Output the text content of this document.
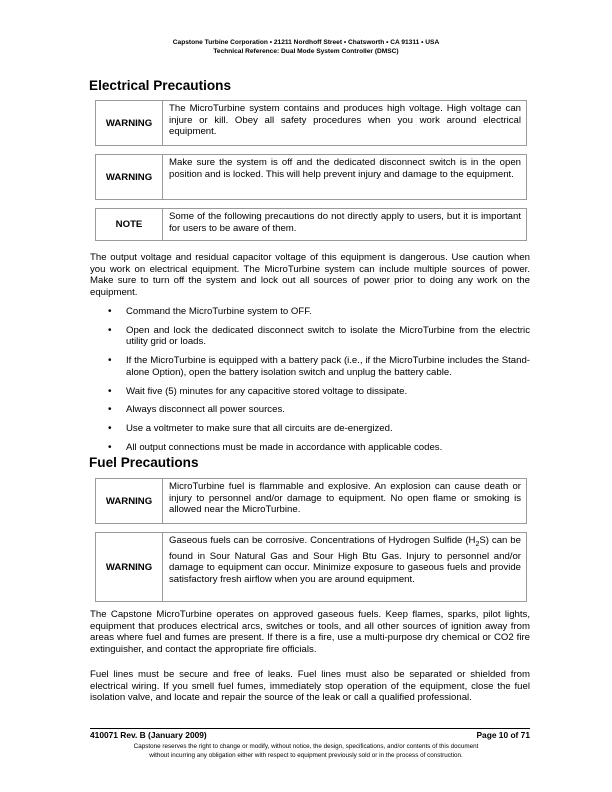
Capstone Turbine Corporation • 21211 Nordhoff Street • Chatsworth • CA 91311 • USA
Technical Reference: Dual Mode System Controller (DMSC)
Electrical Precautions
WARNING
The MicroTurbine system contains and produces high voltage. High voltage can injure or kill. Obey all safety procedures when you work around electrical equipment.
WARNING
Make sure the system is off and the dedicated disconnect switch is in the open position and is locked. This will help prevent injury and damage to the equipment.
NOTE
Some of the following precautions do not directly apply to users, but it is important for users to be aware of them.

The output voltage and residual capacitor voltage of this equipment is dangerous. Use caution when you work on electrical equipment. The MicroTurbine system can include multiple sources of power. Make sure to turn off the system and lock out all sources of power prior to doing any work on the equipment.

• Command the MicroTurbine system to OFF.
• Open and lock the dedicated disconnect switch to isolate the MicroTurbine from the electric utility grid or loads.
• If the MicroTurbine is equipped with a battery pack (i.e., if the MicroTurbine includes the Stand-alone Option), open the battery isolation switch and unplug the battery cable.
• Wait five (5) minutes for any capacitive stored voltage to dissipate.
• Always disconnect all power sources.
• Use a voltmeter to make sure that all circuits are de-energized.
• All output connections must be made in accordance with applicable codes.
Fuel Precautions
WARNING
MicroTurbine fuel is flammable and explosive. An explosion can cause death or injury to personnel and/or damage to equipment. No open flame or smoking is allowed near the MicroTurbine.
WARNING
Gaseous fuels can be corrosive. Concentrations of Hydrogen Sulfide $(H_2S)$ can be found in Sour Natural Gas and Sour High Btu Gas. Injury to personnel and/or damage to equipment can occur. Minimize exposure to gaseous fuels and provide satisfactory fresh airflow when you are around equipment.

The Capstone MicroTurbine operates on approved gaseous fuels. Keep flames, sparks, pilot lights, equipment that produces electrical arcs, switches or tools, and all other sources of ignition away from areas where fuel and fumes are present. If there is a fire, use a multi-purpose dry chemical or CO2 fire extinguisher, and contact the appropriate fire officials.

Fuel lines must be secure and free of leaks. Fuel lines must also be separated or shielded from electrical wiring. If you smell fuel fumes, immediately stop operation of the equipment, close the fuel isolation valve, and locate and repair the source of the leak or call a qualified professional.

410071 Rev. B (January 2009)	Page 10 of 71
Capstone reserves the right to change or modify, without notice, the design, specifications, and/or contents of this document
without incurring any obligation either with respect to equipment previously sold or in the process of construction.
